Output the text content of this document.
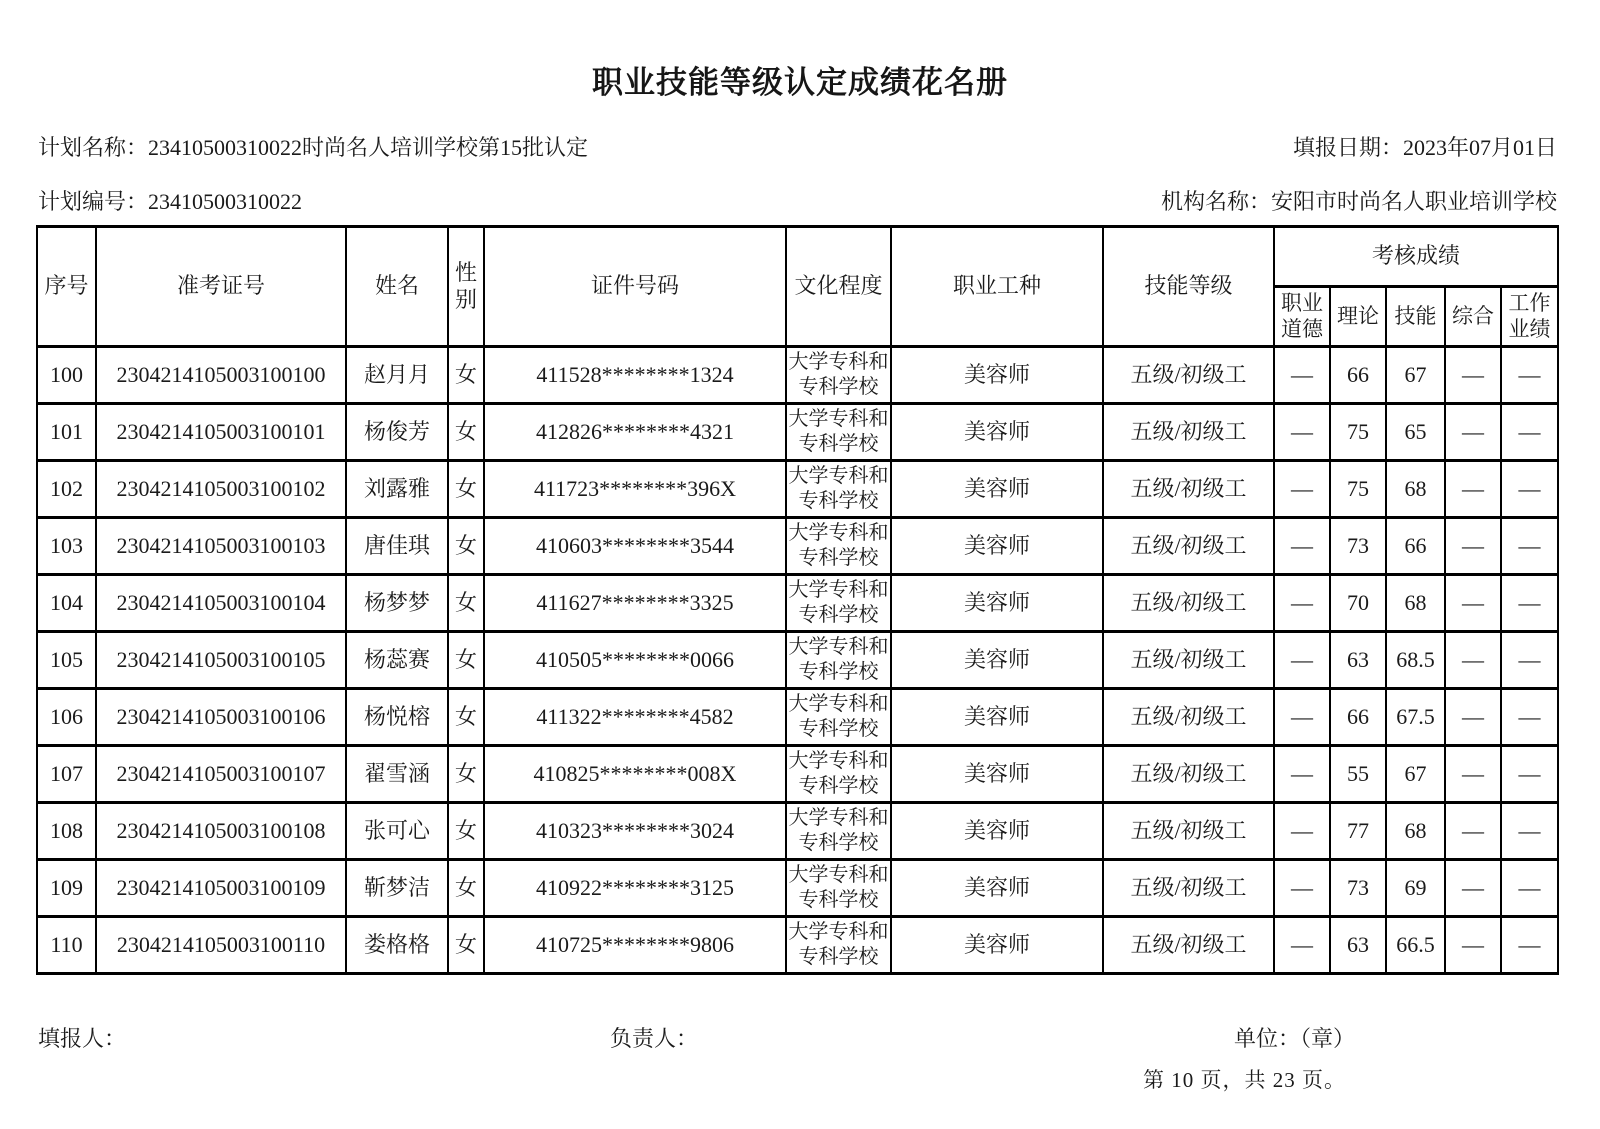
职业技能等级认定成绩花名册
计划名称：23410500310022时尚名人培训学校第15批认定	填报日期：2023年07月01日
计划编号：23410500310022	机构名称：安阳市时尚名人职业培训学校
序号	准考证号	姓名	性别	证件号码	文化程度	职业工种	技能等级	考核成绩				
								职业道德	理论	技能	综合	工作业绩
100	2304214105003100100	赵月月	女	411528********1324	大学专科和专科学校	美容师	五级/初级工	—	66	67	—	—
101	2304214105003100101	杨俊芳	女	412826********4321	大学专科和专科学校	美容师	五级/初级工	—	75	65	—	—
102	2304214105003100102	刘露雅	女	411723********396X	大学专科和专科学校	美容师	五级/初级工	—	75	68	—	—
103	2304214105003100103	唐佳琪	女	410603********3544	大学专科和专科学校	美容师	五级/初级工	—	73	66	—	—
104	2304214105003100104	杨梦梦	女	411627********3325	大学专科和专科学校	美容师	五级/初级工	—	70	68	—	—
105	2304214105003100105	杨蕊赛	女	410505********0066	大学专科和专科学校	美容师	五级/初级工	—	63	68.5	—	—
106	2304214105003100106	杨悦榕	女	411322********4582	大学专科和专科学校	美容师	五级/初级工	—	66	67.5	—	—
107	2304214105003100107	翟雪涵	女	410825********008X	大学专科和专科学校	美容师	五级/初级工	—	55	67	—	—
108	2304214105003100108	张可心	女	410323********3024	大学专科和专科学校	美容师	五级/初级工	—	77	68	—	—
109	2304214105003100109	靳梦洁	女	410922********3125	大学专科和专科学校	美容师	五级/初级工	—	73	69	—	—
110	2304214105003100110	娄格格	女	410725********9806	大学专科和专科学校	美容师	五级/初级工	—	63	66.5	—	—
填报人：	负责人：	单位：（章）
第 10 页，共 23 页。
